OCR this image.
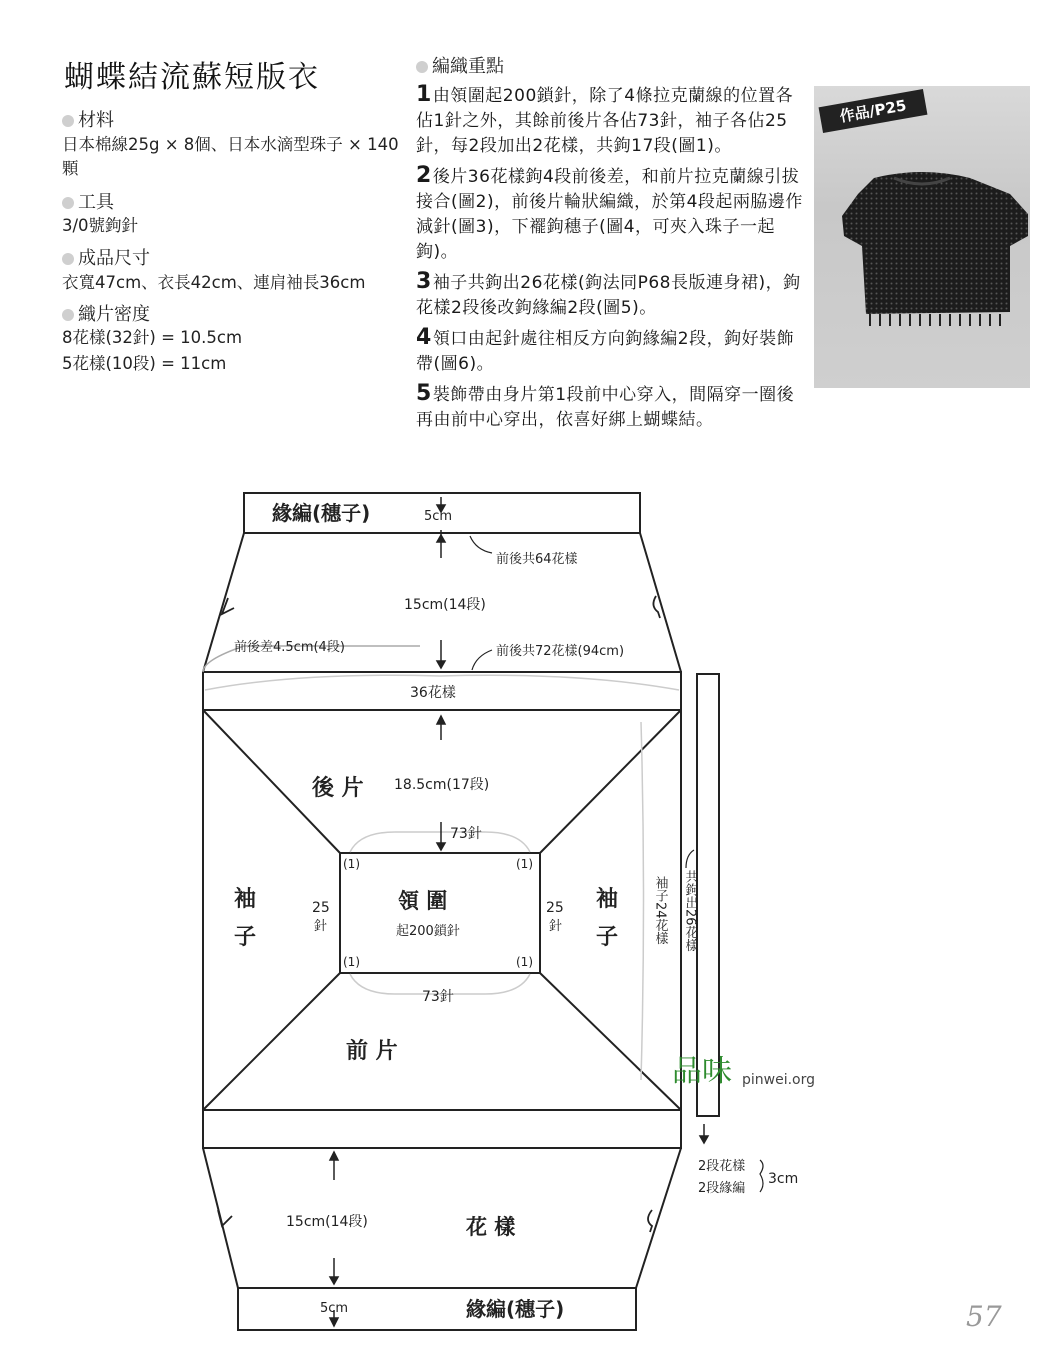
蝴蝶結流蘇短版衣
材料
日本棉線25g × 8個、日本水滴型珠子 × 140顆
工具
3/0號鉤針
成品尺寸
衣寬47cm、衣長42cm、連肩袖長36cm
織片密度
8花樣(32針) = 10.5cm
5花樣(10段) = 11cm
編織重點
1由領圍起200鎖針，除了4條拉克蘭線的位置各佔1針之外，其餘前後片各佔73針，袖子各佔25針，每2段加出2花樣，共鉤17段(圖1)。
2後片36花樣鉤4段前後差，和前片拉克蘭線引拔接合(圖2)，前後片輪狀編織，於第4段起兩脇邊作減針(圖3)，下襬鉤穗子(圖4，可夾入珠子一起鉤)。
3袖子共鉤出26花樣(鉤法同P68長版連身裙)，鉤花樣2段後改鉤緣編2段(圖5)。
4領口由起針處往相反方向鉤緣編2段，鉤好裝飾帶(圖6)。
5裝飾帶由身片第1段前中心穿入，間隔穿一圈後再由前中心穿出，依喜好綁上蝴蝶結。
作品/P25
緣編(穗子)	5cm
前後共64花樣
15cm(14段)
前後差4.5cm(4段)	前後共72花樣(94cm)
36花樣
後 片 18.5cm(17段)
73針
(1)	(1)
(1)	(1)
袖
子
25
針
25
針
袖
子
領 圍
起200鎖針
73針
前 片
袖子24花樣 共鉤出26花樣
2段花樣
2段緣編
3cm
15cm(14段)	花 樣
5cm	緣編(穗子)
品味 pinwei.org
57
